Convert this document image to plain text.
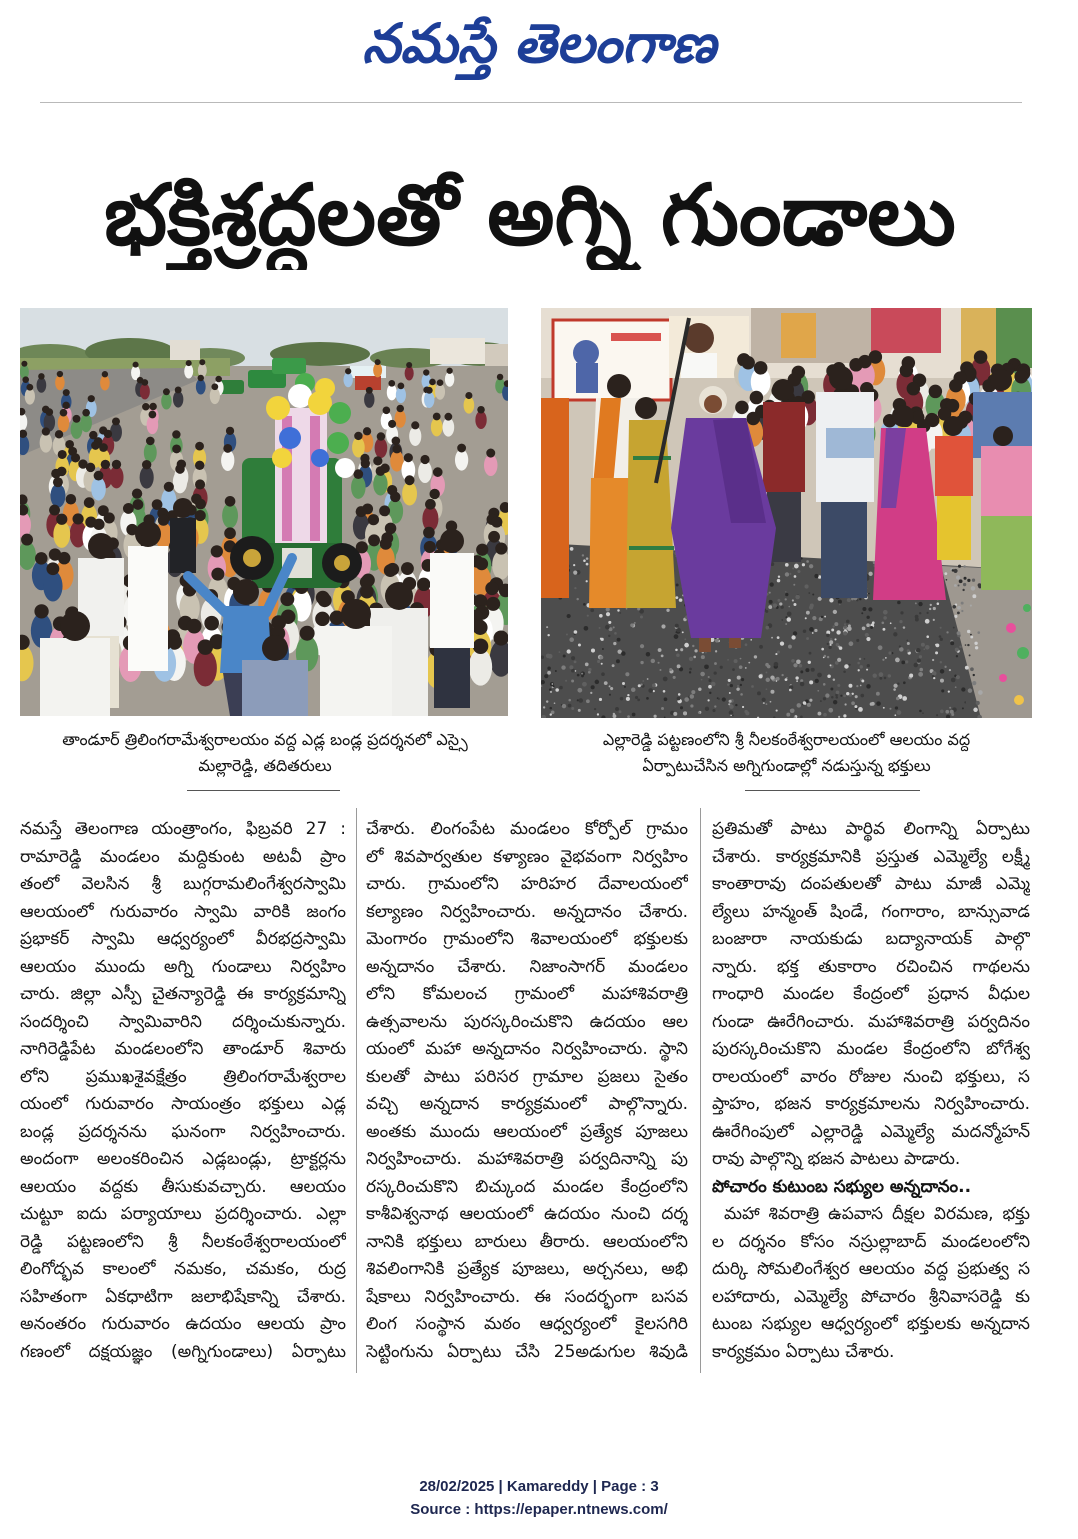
నమస్తే తెలంగాణ
భక్తిశ్రద్ధలతో అగ్ని గుండాలు
తాండూర్ త్రిలింగరామేశ్వరాలయం వద్ద ఎడ్ల బండ్ల ప్రదర్శనలో ఎస్సై
మల్లారెడ్డి, తదితరులు
ఎల్లారెడ్డి పట్టణంలోని శ్రీ నీలకంఠేశ్వరాలయంలో ఆలయం వద్ద
ఏర్పాటుచేసిన అగ్నిగుండాల్లో నడుస్తున్న భక్తులు
నమస్తే తెలంగాణ యంత్రాంగం, ఫిబ్రవరి 27 :
రామారెడ్డి మండలం మద్దికుంట అటవీ ప్రాం
తంలో వెలసిన శ్రీ బుగ్గరామలింగేశ్వరస్వామి
ఆలయంలో గురువారం స్వామి వారికి జంగం
ప్రభాకర్ స్వామి ఆధ్వర్యంలో వీరభద్రస్వామి
ఆలయం ముందు అగ్ని గుండాలు నిర్వహిం
చారు. జిల్లా ఎస్పీ చైతన్యారెడ్డి ఈ కార్యక్రమాన్ని
సందర్శించి స్వామివారిని దర్శించుకున్నారు.
నాగిరెడ్డిపేట మండలంలోని తాండూర్ శివారు
లోని ప్రముఖశైవక్షేత్రం త్రిలింగరామేశ్వరాల
యంలో గురువారం సాయంత్రం భక్తులు ఎడ్ల
బండ్ల ప్రదర్శనను ఘనంగా నిర్వహించారు.
అందంగా అలంకరించిన ఎడ్లబండ్లు, ట్రాక్టర్లను
ఆలయం వద్దకు తీసుకువచ్చారు. ఆలయం
చుట్టూ ఐదు పర్యాయాలు ప్రదర్శించారు. ఎల్లా
రెడ్డి పట్టణంలోని శ్రీ నీలకంఠేశ్వరాలయంలో
లింగోద్భవ కాలంలో నమకం, చమకం, రుద్ర
సహితంగా ఏకధాటిగా జలాభిషేకాన్ని చేశారు.
అనంతరం గురువారం ఉదయం ఆలయ ప్రాం
గణంలో దక్షయజ్ఞం (అగ్నిగుండాలు) ఏర్పాటు
చేశారు. లింగంపేట మండలం కోర్పోల్ గ్రామం
లో శివపార్వతుల కళ్యాణం వైభవంగా నిర్వహిం
చారు. గ్రామంలోని హరిహర దేవాలయంలో
కల్యాణం నిర్వహించారు. అన్నదానం చేశారు.
మెంగారం గ్రామంలోని శివాలయంలో భక్తులకు
అన్నదానం చేశారు. నిజాంసాగర్ మండలం
లోని కోమలంచ గ్రామంలో మహాశివరాత్రి
ఉత్సవాలను పురస్కరించుకొని ఉదయం ఆల
యంలో మహా అన్నదానం నిర్వహించారు. స్థాని
కులతో పాటు పరిసర గ్రామాల ప్రజలు సైతం
వచ్చి అన్నదాన కార్యక్రమంలో పాల్గొన్నారు.
అంతకు ముందు ఆలయంలో ప్రత్యేక పూజలు
నిర్వహించారు. మహాశివరాత్రి పర్వదినాన్ని పు
రస్కరించుకొని బిచ్కుంద మండల కేంద్రంలోని
కాశీవిశ్వనాథ ఆలయంలో ఉదయం నుంచి దర్శ
నానికి భక్తులు బారులు తీరారు. ఆలయంలోని
శివలింగానికి ప్రత్యేక పూజలు, అర్చనలు, అభి
షేకాలు నిర్వహించారు. ఈ సందర్భంగా బసవ
లింగ సంస్థాన మఠం ఆధ్వర్యంలో కైలసగిరి
సెట్టింగును ఏర్పాటు చేసి 25అడుగుల శివుడి
ప్రతిమతో పాటు పార్థివ లింగాన్ని ఏర్పాటు
చేశారు. కార్యక్రమానికి ప్రస్తుత ఎమ్మెల్యే లక్ష్మీ
కాంతారావు దంపతులతో పాటు మాజీ ఎమ్మె
ల్యేలు హన్మంత్ షిండే, గంగారాం, బాన్సువాడ
బంజారా నాయకుడు బద్యానాయక్ పాల్గొ
న్నారు. భక్త తుకారాం రచించిన గాథలను
గాంధారి మండల కేంద్రంలో ప్రధాన వీధుల
గుండా ఊరేగించారు. మహాశివరాత్రి పర్వదినం
పురస్కరించుకొని మండల కేంద్రంలోని బోగేశ్వ
రాలయంలో వారం రోజుల నుంచి భక్తులు, స
ప్తాహం, భజన కార్యక్రమాలను నిర్వహించారు.
ఊరేగింపులో ఎల్లారెడ్డి ఎమ్మెల్యే మదన్మోహన్
రావు పాల్గొన్ని భజన పాటలు పాడారు.
పోచారం కుటుంబ సభ్యుల అన్నదానం..
మహా శివరాత్రి ఉపవాస దీక్షల విరమణ, భక్తు
ల దర్శనం కోసం నస్రుల్లాబాద్ మండలంలోని
దుర్కి సోమలింగేశ్వర ఆలయం వద్ద ప్రభుత్వ స
లహాదారు, ఎమ్మెల్యే పోచారం శ్రీనివాసరెడ్డి కు
టుంబ సభ్యుల ఆధ్వర్యంలో భక్తులకు అన్నదాన
కార్యక్రమం ఏర్పాటు చేశారు.
28/02/2025 | Kamareddy | Page : 3
Source : https://epaper.ntnews.com/
